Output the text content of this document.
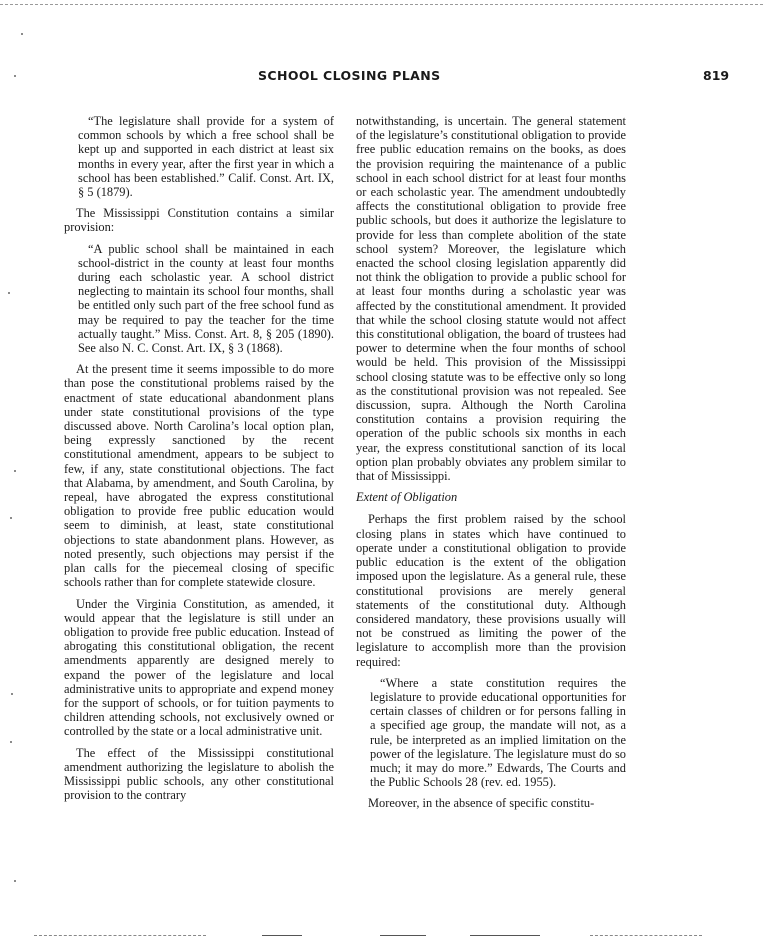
SCHOOL CLOSING PLANS	819
“The legislature shall provide for a system of common schools by which a free school shall be kept up and supported in each district at least six months in every year, after the first year in which a school has been established.” Calif. Const. Art. IX, § 5 (1879).

The Mississippi Constitution contains a similar provision:

“A public school shall be maintained in each school-district in the county at least four months during each scholastic year. A school district neglecting to maintain its school four months, shall be entitled only such part of the free school fund as may be required to pay the teacher for the time actually taught.” Miss. Const. Art. 8, § 205 (1890). See also N. C. Const. Art. IX, § 3 (1868).

At the present time it seems impossible to do more than pose the constitutional problems raised by the enactment of state educational abandonment plans under state constitutional provisions of the type discussed above. North Carolina’s local option plan, being expressly sanctioned by the recent constitutional amendment, appears to be subject to few, if any, state constitutional objections. The fact that Alabama, by amendment, and South Carolina, by repeal, have abrogated the express constitutional obligation to provide free public education would seem to diminish, at least, state constitutional objections to state abandonment plans. However, as noted presently, such objections may persist if the plan calls for the piecemeal closing of specific schools rather than for complete statewide closure.

Under the Virginia Constitution, as amended, it would appear that the legislature is still under an obligation to provide free public education. Instead of abrogating this constitutional obligation, the recent amendments apparently are designed merely to expand the power of the legislature and local administrative units to appropriate and expend money for the support of schools, or for tuition payments to children attending schools, not exclusively owned or controlled by the state or a local administrative unit.

The effect of the Mississippi constitutional amendment authorizing the legislature to abolish the Mississippi public schools, any other constitutional provision to the contrary

notwithstanding, is uncertain. The general statement of the legislature’s constitutional obligation to provide free public education remains on the books, as does the provision requiring the maintenance of a public school in each school district for at least four months or each scholastic year. The amendment undoubtedly affects the constitutional obligation to provide free public schools, but does it authorize the legislature to provide for less than complete abolition of the state school system? Moreover, the legislature which enacted the school closing legislation apparently did not think the obligation to provide a public school for at least four months during a scholastic year was affected by the constitutional amendment. It provided that while the school closing statute would not affect this constitutional obligation, the board of trustees had power to determine when the four months of school would be held. This provision of the Mississippi school closing statute was to be effective only so long as the constitutional provision was not repealed. See discussion, supra. Although the North Carolina constitution contains a provision requiring the operation of the public schools six months in each year, the express constitutional sanction of its local option plan probably obviates any problem similar to that of Mississippi.

Extent of Obligation

Perhaps the first problem raised by the school closing plans in states which have continued to operate under a constitutional obligation to provide public education is the extent of the obligation imposed upon the legislature. As a general rule, these constitutional provisions are merely general statements of the constitutional duty. Although considered mandatory, these provisions usually will not be construed as limiting the power of the legislature to accomplish more than the provision required:

“Where a state constitution requires the legislature to provide educational opportunities for certain classes of children or for persons falling in a specified age group, the mandate will not, as a rule, be interpreted as an implied limitation on the power of the legislature. The legislature must do so much; it may do more.” Edwards, The Courts and the Public Schools 28 (rev. ed. 1955).

Moreover, in the absence of specific constitu-
